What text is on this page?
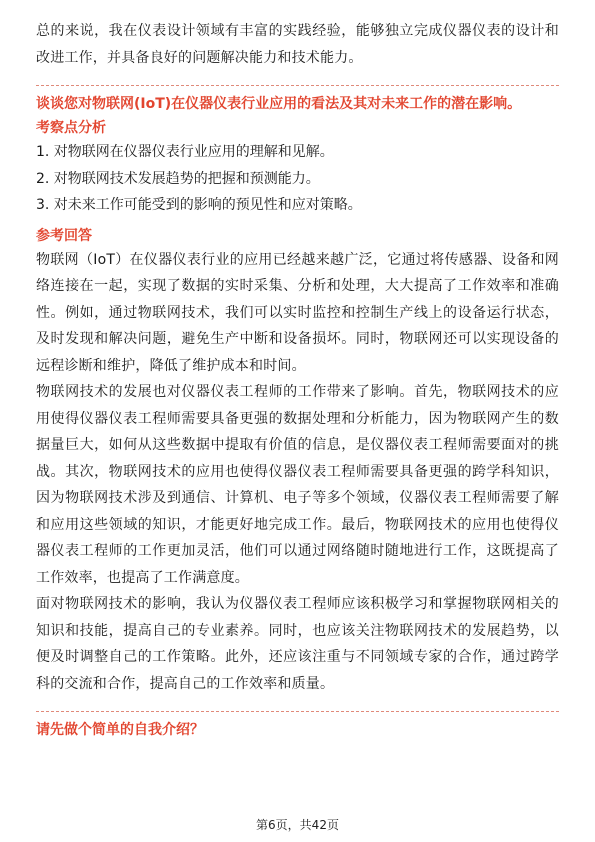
总的来说，我在仪表设计领域有丰富的实践经验，能够独立完成仪器仪表的设计和改进工作，并具备良好的问题解决能力和技术能力。

谈谈您对物联网(IoT)在仪器仪表行业应用的看法及其对未来工作的潜在影响。

考察点分析

1. 对物联网在仪器仪表行业应用的理解和见解。

2. 对物联网技术发展趋势的把握和预测能力。

3. 对未来工作可能受到的影响的预见性和应对策略。

参考回答

物联网（IoT）在仪器仪表行业的应用已经越来越广泛，它通过将传感器、设备和网络连接在一起，实现了数据的实时采集、分析和处理，大大提高了工作效率和准确性。例如，通过物联网技术，我们可以实时监控和控制生产线上的设备运行状态，及时发现和解决问题，避免生产中断和设备损坏。同时，物联网还可以实现设备的远程诊断和维护，降低了维护成本和时间。

物联网技术的发展也对仪器仪表工程师的工作带来了影响。首先，物联网技术的应用使得仪器仪表工程师需要具备更强的数据处理和分析能力，因为物联网产生的数据量巨大，如何从这些数据中提取有价值的信息，是仪器仪表工程师需要面对的挑战。其次，物联网技术的应用也使得仪器仪表工程师需要具备更强的跨学科知识，因为物联网技术涉及到通信、计算机、电子等多个领域，仪器仪表工程师需要了解和应用这些领域的知识，才能更好地完成工作。最后，物联网技术的应用也使得仪器仪表工程师的工作更加灵活，他们可以通过网络随时随地进行工作，这既提高了工作效率，也提高了工作满意度。

面对物联网技术的影响，我认为仪器仪表工程师应该积极学习和掌握物联网相关的知识和技能，提高自己的专业素养。同时，也应该关注物联网技术的发展趋势，以便及时调整自己的工作策略。此外，还应该注重与不同领域专家的合作，通过跨学科的交流和合作，提高自己的工作效率和质量。

请先做个简单的自我介绍？

第6页，共42页
